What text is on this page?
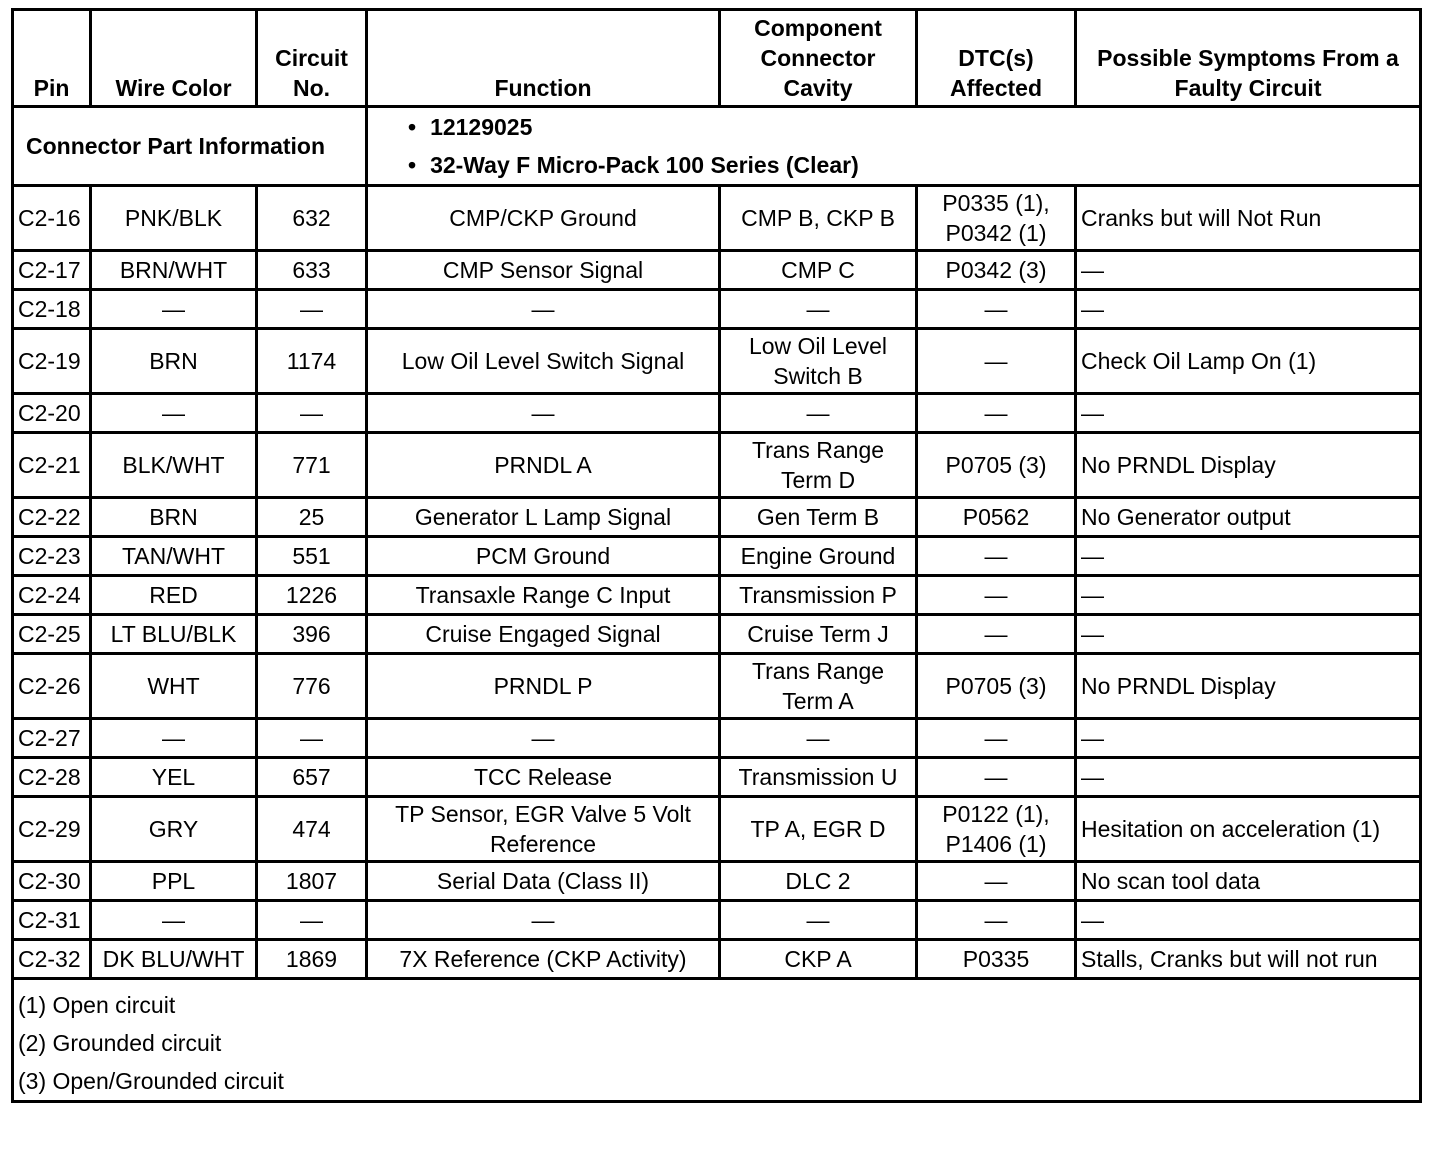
Connector Part Information			• 12129025
• 32-Way F Micro-Pack 100 Series (Clear)

Pin	Wire Color	Circuit No.	Function	Component Connector Cavity	DTC(s) Affected	Possible Symptoms From a Faulty Circuit
C2-16	PNK/BLK	632	CMP/CKP Ground	CMP B, CKP B	P0335 (1), P0342 (1)	Cranks but will Not Run
C2-17	BRN/WHT	633	CMP Sensor Signal	CMP C	P0342 (3)	—
C2-18	—	—	—	—	—	—
C2-19	BRN	1174	Low Oil Level Switch Signal	Low Oil Level Switch B	—	Check Oil Lamp On (1)
C2-20	—	—	—	—	—	—
C2-21	BLK/WHT	771	PRNDL A	Trans Range Term D	P0705 (3)	No PRNDL Display
C2-22	BRN	25	Generator L Lamp Signal	Gen Term B	P0562	No Generator output
C2-23	TAN/WHT	551	PCM Ground	Engine Ground	—	—
C2-24	RED	1226	Transaxle Range C Input	Transmission P	—	—
C2-25	LT BLU/BLK	396	Cruise Engaged Signal	Cruise Term J	—	—
C2-26	WHT	776	PRNDL P	Trans Range Term A	P0705 (3)	No PRNDL Display
C2-27	—	—	—	—	—	—
C2-28	YEL	657	TCC Release	Transmission U	—	—
C2-29	GRY	474	TP Sensor, EGR Valve 5 Volt Reference	TP A, EGR D	P0122 (1), P1406 (1)	Hesitation on acceleration (1)
C2-30	PPL	1807	Serial Data (Class II)	DLC 2	—	No scan tool data
C2-31	—	—	—	—	—	—
C2-32	DK BLU/WHT	1869	7X Reference (CKP Activity)	CKP A	P0335	Stalls, Cranks but will not run

(1) Open circuit
(2) Grounded circuit
(3) Open/Grounded circuit						
